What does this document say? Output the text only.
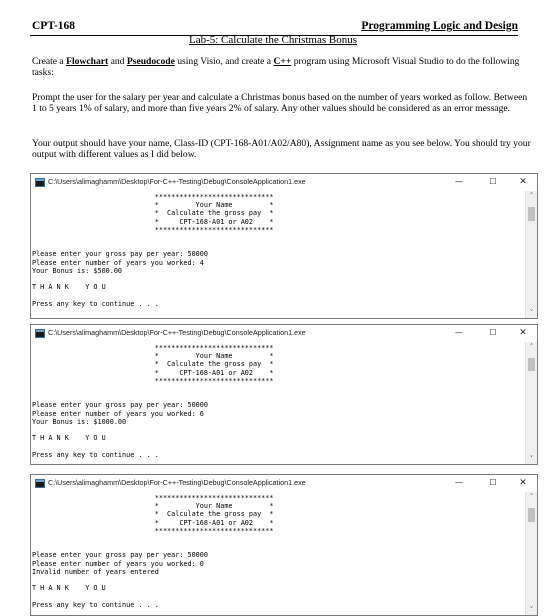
CPT-168	Programming Logic and Design
Lab-5: Calculate the Christmas Bonus
Create a Flowchart and Pseudocode using Visio, and create a C++ program using Microsoft Visual Studio to do the following tasks:
Prompt the user for the salary per year and calculate a Christmas bonus based on the number of years worked as follow. Between 1 to 5 years 1% of salary, and more than five years 2% of salary. Any other values should be considered as an error message.
Your output should have your name, Class-ID (CPT-168-A01/A02/A80), Assignment name as you see below. You should try your output with different values as I did below.
C:\Users\alimaghamm\Desktop\For-C++-Testing\Debug\ConsoleApplication1.exe	—	☐	✕
*****************************
*         Your Name         *
*  Calculate the gross pay  *
*     CPT-168-A01 or A02    *
*****************************
Please enter your gross pay per year: 50000
Please enter number of years you worked: 4
Your Bonus is: $500.00
T H A N K    Y O U
Press any key to continue . . .
˄
˅
C:\Users\alimaghamm\Desktop\For-C++-Testing\Debug\ConsoleApplication1.exe	—	☐	✕
*****************************
*         Your Name         *
*  Calculate the gross pay  *
*     CPT-168-A01 or A02    *
*****************************
Please enter your gross pay per year: 50000
Please enter number of years you worked: 6
Your Bonus is: $1000.00
T H A N K    Y O U
Press any key to continue . . .
˄
˅
C:\Users\alimaghamm\Desktop\For-C++-Testing\Debug\ConsoleApplication1.exe	—	☐	✕
*****************************
*         Your Name         *
*  Calculate the gross pay  *
*     CPT-168-A01 or A02    *
*****************************
Please enter your gross pay per year: 50000
Please enter number of years you worked: 0
Invalid number of years entered
T H A N K    Y O U
Press any key to continue . . .
˄
˅
